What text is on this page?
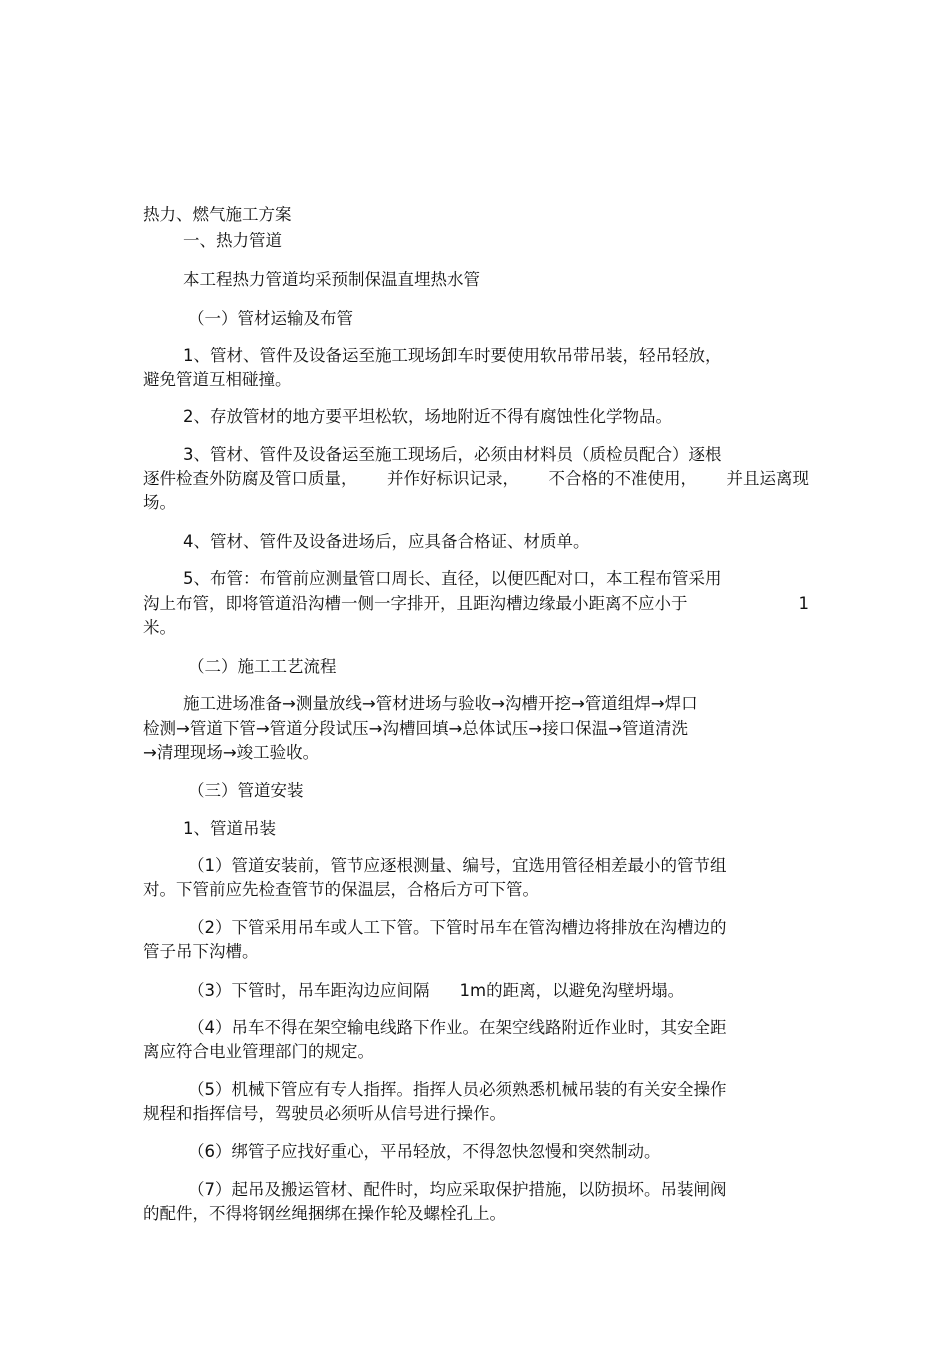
热力、燃气施工方案
一、热力管道
本工程热力管道均采预制保温直埋热水管
（一）管材运输及布管
1、管材、管件及设备运至施工现场卸车时要使用软吊带吊装，轻吊轻放，
避免管道互相碰撞。
2、存放管材的地方要平坦松软，场地附近不得有腐蚀性化学物品。
3、管材、管件及设备运至施工现场后，必须由材料员（质检员配合）逐根
逐件检查外防腐及管口质量， 并作好标识记录， 不合格的不准使用， 并且运离现
场。
4、管材、管件及设备进场后，应具备合格证、材质单。
5、布管：布管前应测量管口周长、直径，以便匹配对口，本工程布管采用
沟上布管，即将管道沿沟槽一侧一字排开，且距沟槽边缘最小距离不应小于	1
米。
（二）施工工艺流程
施工进场准备→测量放线→管材进场与验收→沟槽开挖→管道组焊→焊口
检测→管道下管→管道分段试压→沟槽回填→总体试压→接口保温→管道清洗
→清理现场→竣工验收。
（三）管道安装
1、管道吊装
（1）管道安装前，管节应逐根测量、编号，宜选用管径相差最小的管节组
对。下管前应先检查管节的保温层，合格后方可下管。
（2）下管采用吊车或人工下管。下管时吊车在管沟槽边将排放在沟槽边的
管子吊下沟槽。
（3）下管时，吊车距沟边应间隔 1m的距离，以避免沟壁坍塌。
（4）吊车不得在架空输电线路下作业。在架空线路附近作业时，其安全距
离应符合电业管理部门的规定。
（5）机械下管应有专人指挥。指挥人员必须熟悉机械吊装的有关安全操作
规程和指挥信号，驾驶员必须听从信号进行操作。
（6）绑管子应找好重心，平吊轻放，不得忽快忽慢和突然制动。
（7）起吊及搬运管材、配件时，均应采取保护措施，以防损坏。吊装闸阀
的配件，不得将钢丝绳捆绑在操作轮及螺栓孔上。
